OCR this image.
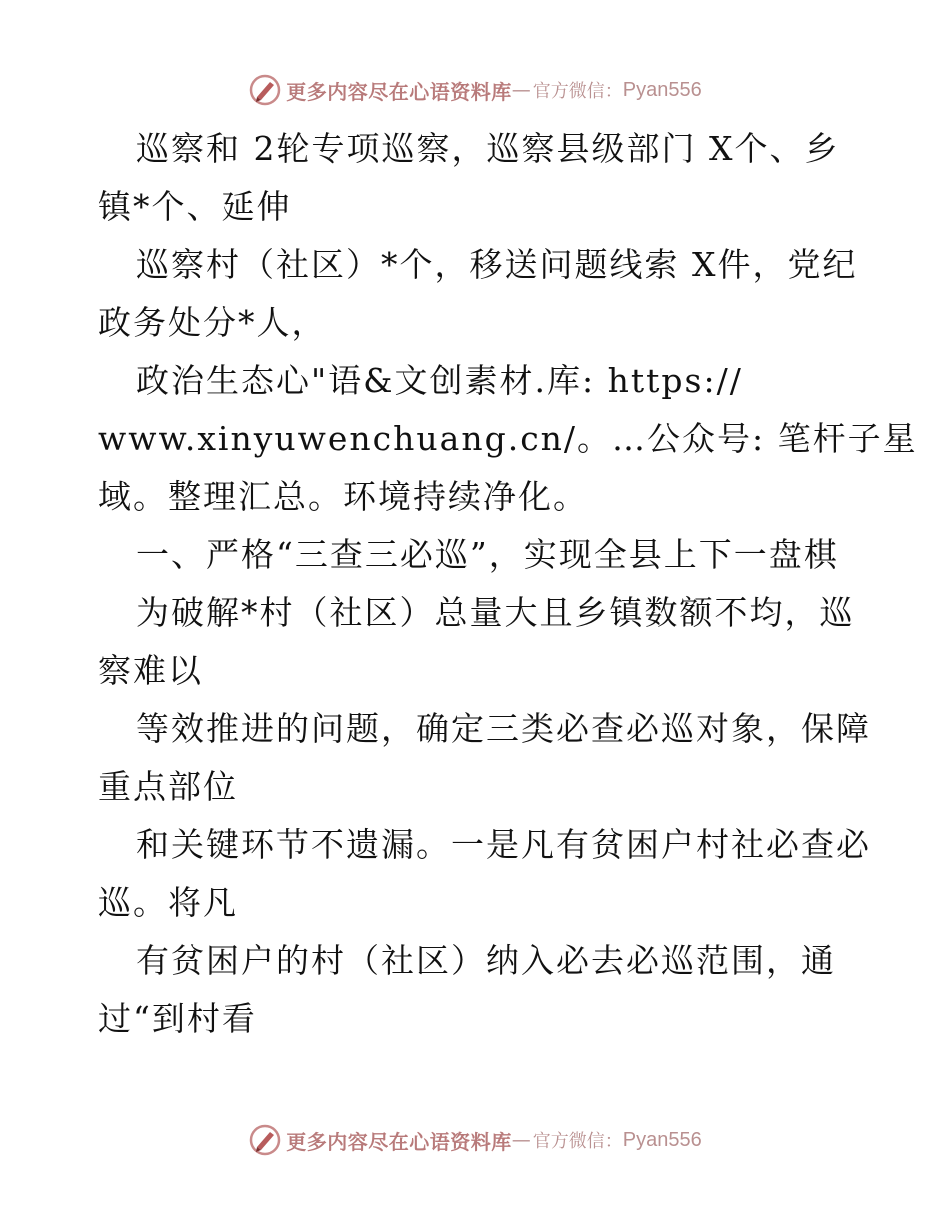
更多内容尽在心语资料库 — 官方微信： Pyan556
巡察和 2轮专项巡察，巡察县级部门 X个、乡
镇*个、延伸
巡察村（社区）*个，移送问题线索 X件，党纪
政务处分*人，
政治生态心"语&文创素材.库: https://
www.xinyuwenchuang.cn/。…公众号: 笔杆子星
域。整理汇总。环境持续净化。
一、严格“三查三必巡”，实现全县上下一盘棋
为破解*村（社区）总量大且乡镇数额不均，巡
察难以
等效推进的问题，确定三类必查必巡对象，保障
重点部位
和关键环节不遗漏。一是凡有贫困户村社必查必
巡。将凡
有贫困户的村（社区）纳入必去必巡范围，通
过“到村看
更多内容尽在心语资料库 — 官方微信： Pyan556
